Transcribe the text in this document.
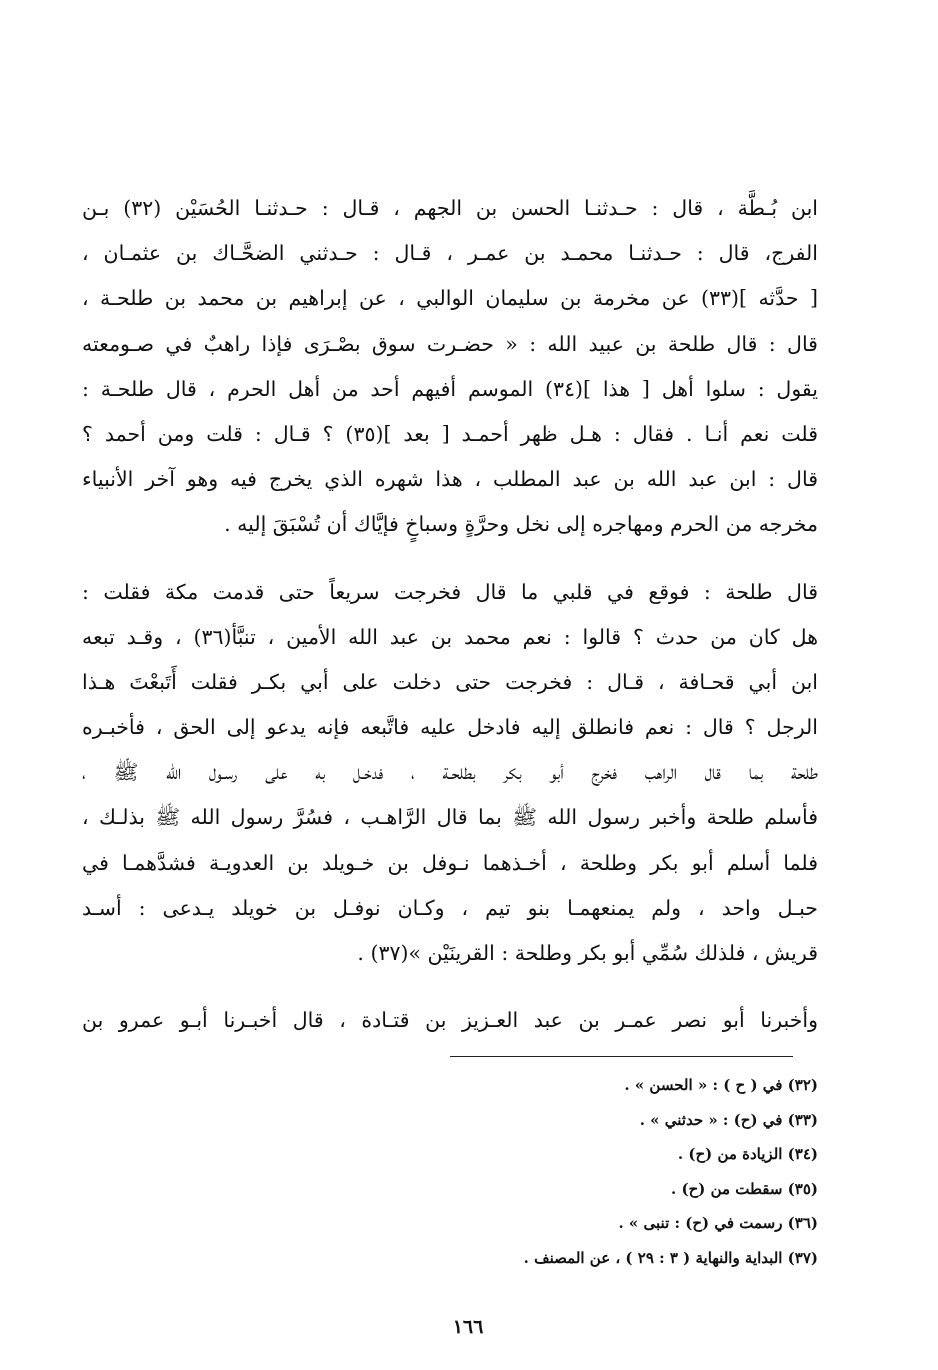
ابن بُـطَّة ، قال : حـدثنـا الحسن بن الجهم ، قـال : حـدثنـا الحُسَيْن (٣٢) بـن
الفرج، قال : حـدثنـا محمـد بن عمـر ، قـال : حـدثني الضحَّـاك بن عثمـان ،
[ حدَّثه ](٣٣) عن مخرمة بن سليمان الوالبي ، عن إبراهيم بن محمد بن طلحـة ،
قال : قال طلحة بن عبيد الله : « حضـرت سوق بصْـرَى فإذا راهبٌ في صـومعته
يقول : سلوا أهل [ هذا ](٣٤) الموسم أفيهم أحد من أهل الحرم ، قال طلحـة :
قلت نعم أنـا . فقال : هـل ظهر أحمـد [ بعد ](٣٥) ؟ قـال : قلت ومن أحمد ؟
قال : ابن عبد الله بن عبد المطلب ، هذا شهره الذي يخرج فيه وهو آخر الأنبياء
مخرجه من الحرم ومهاجره إلى نخل وحرَّةٍ وسباخٍ فإيَّاك أن تُسْبَقَ إليه .
قال طلحة : فوقع في قلبي ما قال فخرجت سريعاً حتى قدمت مكة فقلت :
هل كان من حدث ؟ قالوا : نعم محمد بن عبد الله الأمين ، تنبَّأ(٣٦) ، وقـد تبعه
ابن أبي قحـافة ، قـال : فخرجت حتى دخلت على أبي بكـر فقلت أَتَبعْتَ هـذا
الرجل ؟ قال : نعم فانطلق إليه فادخل عليه فاتَّبعه فإنه يدعو إلى الحق ، فأخبـره
طلحة بما قال الراهب فخرج أبو بكر بطلحـة ، فدخـل به على رسـول الله ﷺ ،
فأسلم طلحة وأخبر رسول الله ﷺ بما قال الرَّاهـب ، فسُرَّ رسول الله ﷺ بذلـك ،
فلما أسلم أبو بكر وطلحة ، أخـذهما نـوفل بن خـويلد بن العدويـة فشدَّهمـا في
حبـل واحد ، ولم يمنعهمـا بنو تيم ، وكـان نوفـل بن خويلد يـدعى : أسـد
قريش ، فلذلك سُمِّي أبو بكر وطلحة : القرينَيْن »(٣٧) .
وأخبرنا أبو نصر عمـر بن عبد العـزيز بن قتـادة ، قال أخبـرنا أبـو عمرو بن
(٣٢) في ( ح ) : « الحسن » .
(٣٣) في (ح) : « حدثني » .
(٣٤) الزيادة من (ح) .
(٣٥) سقطت من (ح) .
(٣٦) رسمت في (ح) : تنبى » .
(٣٧) البداية والنهاية ( ٣ : ٢٩ ) ، عن المصنف .
١٦٦
